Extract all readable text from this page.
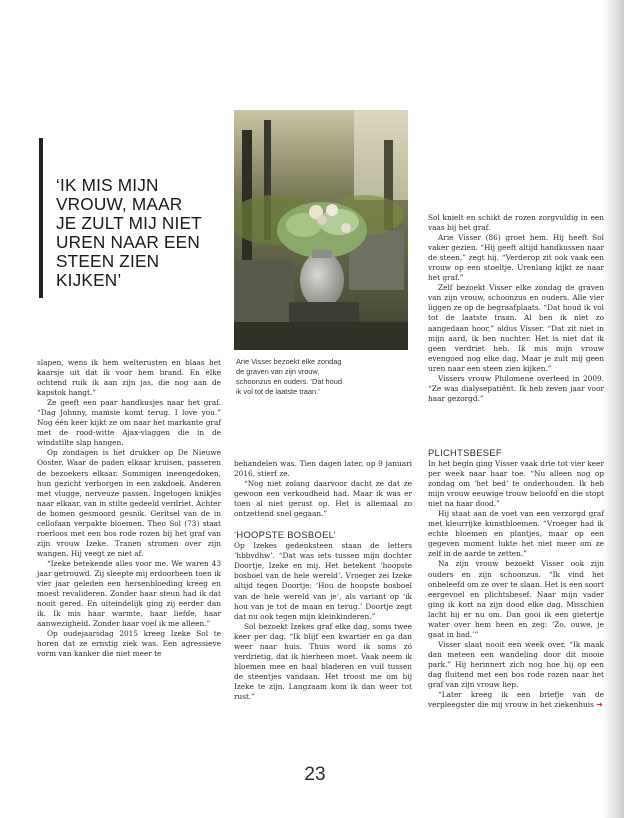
‘IK MIS MIJN
VROUW, MAAR
JE ZULT MIJ NIET
UREN NAAR EEN
STEEN ZIEN
KIJKEN’
Arie Visser bezoekt elke zondag de graven van zijn vrouw, schoonzus en ouders. ‘Dat houd ik vol tot de laatste traan.’

slapen, wens ik hem welterusten en blaas het kaarsje uit dat ik voor hem brand. En elke ochtend ruik ik aan zijn jas, die nog aan de kapstok hangt.”

Ze geeft een paar handkusjes naar het graf. “Dag Johnny, mamsie komt terug. I love you.” Nog één keer kijkt ze om naar het markante graf met de rood-witte Ajax-vlaggen die in de windstilte slap hangen.

Op zondagen is het drukker op De Nieuwe Ooster. Waar de paden elkaar kruisen, passeren de bezoekers elkaar. Sommigen ineengedoken, hun gezicht verborgen in een zakdoek. Anderen met vlugge, nerveuze passen. Ingetogen knikjes naar elkaar, van in stilte gedeeld verdriet. Achter de bomen gesmoord gesnik. Geritsel van de in cellofaan verpakte bloemen. Theo Sol (73) staat roerloos met een bos rode rozen bij het graf van zijn vrouw Izeke. Tranen stromen over zijn wangen. Hij veegt ze niet af.

“Izeke betekende alles voor me. We waren 43 jaar getrouwd. Zij sleepte mij erdoorheen toen ik vier jaar geleden een hersenbloeding kreeg en moest revalideren. Zonder haar steun had ik dat nooit gered. En uiteindelijk ging zij eerder dan ik. Ik mis haar warmte, haar liefde, haar aanwezigheid. Zonder haar voel ik me alleen.”

Op oudejaarsdag 2015 kreeg Izeke Sol te horen dat ze ernstig ziek was. Een agressieve vorm van kanker die niet meer te

behandelen was. Tien dagen later, op 9 januari 2016, stierf ze.

“Nog niet zolang daarvoor dacht ze dat ze gewoon een verkoudheid had. Maar ik was er toen al niet gerust op. Het is allemaal zo ontzettend snel gegaan.”

‘HOOPSTE BOSBOEL’

Op Izekes gedenksteen staan de letters ‘hbbvdhw’. “Dat was iets tussen mijn dochter Doortje, Izeke en mij. Het betekent ‘hoopste bosboel van de hele wereld’. Vroeger zei Izeke altijd tegen Doortje: ‘Hou de hoopste bosboel van de hele wereld van je’, als variant op ‘ik hou van je tot de maan en terug.’ Doortje zegt dat nu ook tegen mijn kleinkinderen.”

Sol bezoekt Izekes graf elke dag, soms twee keer per dag. “Ik blijf een kwartier en ga dan weer naar huis. Thuis word ik soms zó verdrietig, dat ik hierheen moet. Vaak neem ik bloemen mee en haal bladeren en vuil tussen de steentjes vandaan. Het troost me om bij Izeke te zijn. Langzaam kom ik dan weer tot rust.”

Sol knielt en schikt de rozen zorgvuldig in een vaas bij het graf.

Arie Visser (86) groet hem. Hij heeft Sol vaker gezien. “Hij geeft altijd handkussen naar de steen,” zegt hij. “Verderop zit ook vaak een vrouw op een stoeltje. Urenlang kijkt ze naar het graf.”

Zelf bezoekt Visser elke zondag de graven van zijn vrouw, schoonzus en ouders. Alle vier liggen ze op de begraafplaats. “Dat houd ik vol tot de laatste traan. Al ben ik niet zo aangedaan hoor,” aldus Visser. “Dat zit niet in mijn aard, ik ben nuchter. Het is niet dat ik geen verdriet heb. Ik mis mijn vrouw evengoed nog elke dag. Maar je zult mij geen uren naar een steen zien kijken.”

Vissers vrouw Philomene overleed in 2009. “Ze was dialysepatiënt. Ik heb zeven jaar voor haar gezorgd.”

PLICHTSBESEF

In het begin ging Visser vaak drie tot vier keer per week naar haar toe. “Nu alleen nog op zondag om ‘het bed’ te onderhouden. Ik heb mijn vrouw eeuwige trouw beloofd en die stopt niet na haar dood.”

Hij staat aan de voet van een verzorgd graf met kleurrijke kunstbloemen. “Vroeger had ik echte bloemen en plantjes, maar op een gegeven moment lukte het niet meer om ze zelf in de aarde te zetten.”

Na zijn vrouw bezoekt Visser ook zijn ouders en zijn schoonzus. “Ik vind het onbeleefd om ze over te slaan. Het is een soort eergevoel en plichtsbesef. Naar mijn vader ging ik kort na zijn dood elke dag. Misschien lacht hij er nu om. Dan gooi ik een gietertje water over hem heen en zeg: ‘Zo, ouwe, je gaat in bad.’”

Visser slaat nooit een week over. “Ik maak dan meteen een wandeling door dit mooie park.” Hij herinnert zich nog hoe hij op een dag fluitend met een bos rode rozen naar het graf van zijn vrouw liep.

“Later kreeg ik een briefje van de verpleegster die mij vrouw in het ziekenhuis ➜

23
